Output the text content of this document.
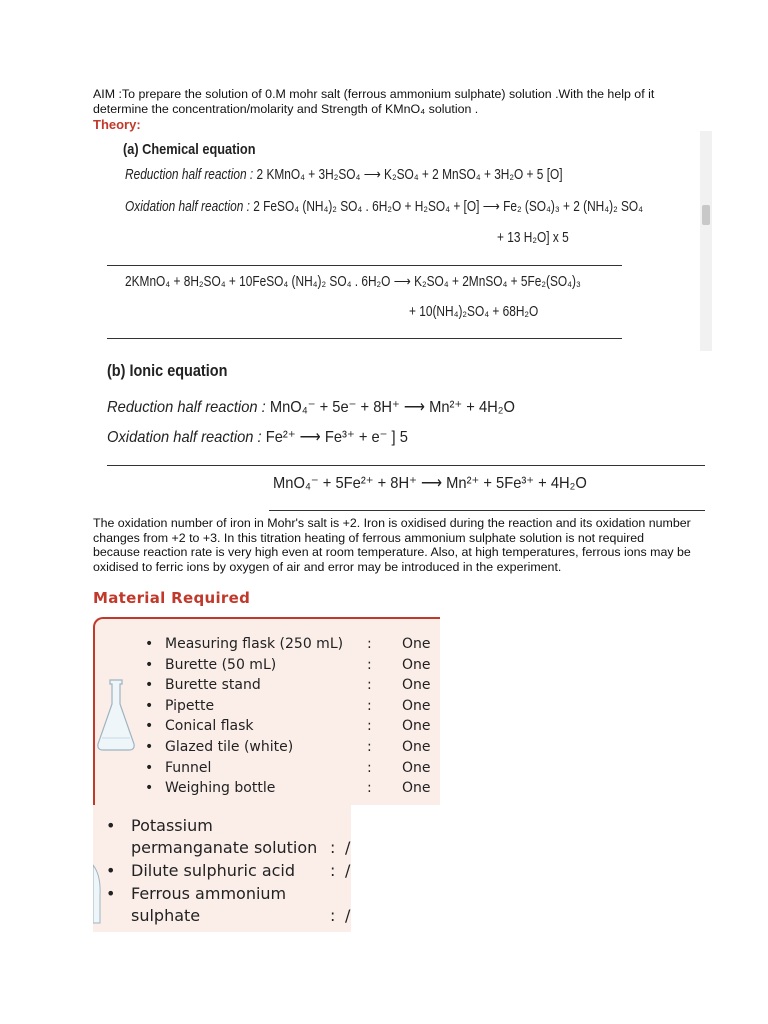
AIM :To prepare the solution of 0.M mohr salt (ferrous ammonium sulphate) solution .With the help of it determine the concentration/molarity and Strength of KMnO₄ solution .
Theory:
(a) Chemical equation
Reduction half reaction : 2 KMnO₄ + 3H₂SO₄ ⟶ K₂SO₄ + 2 MnSO₄ + 3H₂O + 5 [O]
Oxidation half reaction : 2 FeSO₄ (NH₄)₂ SO₄ . 6H₂O + H₂SO₄ + [O] ⟶ Fe₂ (SO₄)₃ + 2 (NH₄)₂ SO₄
+ 13 H₂O] x 5
2KMnO₄ + 8H₂SO₄ + 10FeSO₄ (NH₄)₂ SO₄ . 6H₂O ⟶ K₂SO₄ + 2MnSO₄ + 5Fe₂(SO₄)₃
+ 10(NH₄)₂SO₄ + 68H₂O
(b) Ionic equation
Reduction half reaction : MnO₄⁻ + 5e⁻ + 8H⁺ ⟶ Mn²⁺ + 4H₂O
Oxidation half reaction : Fe²⁺ ⟶ Fe³⁺ + e⁻ ] 5
MnO₄⁻ + 5Fe²⁺ + 8H⁺ ⟶ Mn²⁺ + 5Fe³⁺ + 4H₂O
The oxidation number of iron in Mohr's salt is +2. Iron is oxidised during the reaction and its oxidation number changes from +2 to +3. In this titration heating of ferrous ammonium sulphate solution is not required because reaction rate is very high even at room temperature. Also, at high temperatures, ferrous ions may be oxidised to ferric ions by oxygen of air and error may be introduced in the experiment.
Material Required
• Measuring flask (250 mL) : One
• Burette (50 mL)	: One
• Burette stand	: One
• Pipette	: One
• Conical flask	: One
• Glazed tile (white)	: One
• Funnel	: One
• Weighing bottle	: One
• Potassium
permanganate solution : /
• Dilute sulphuric acid : /
• Ferrous ammonium
sulphate	: /
